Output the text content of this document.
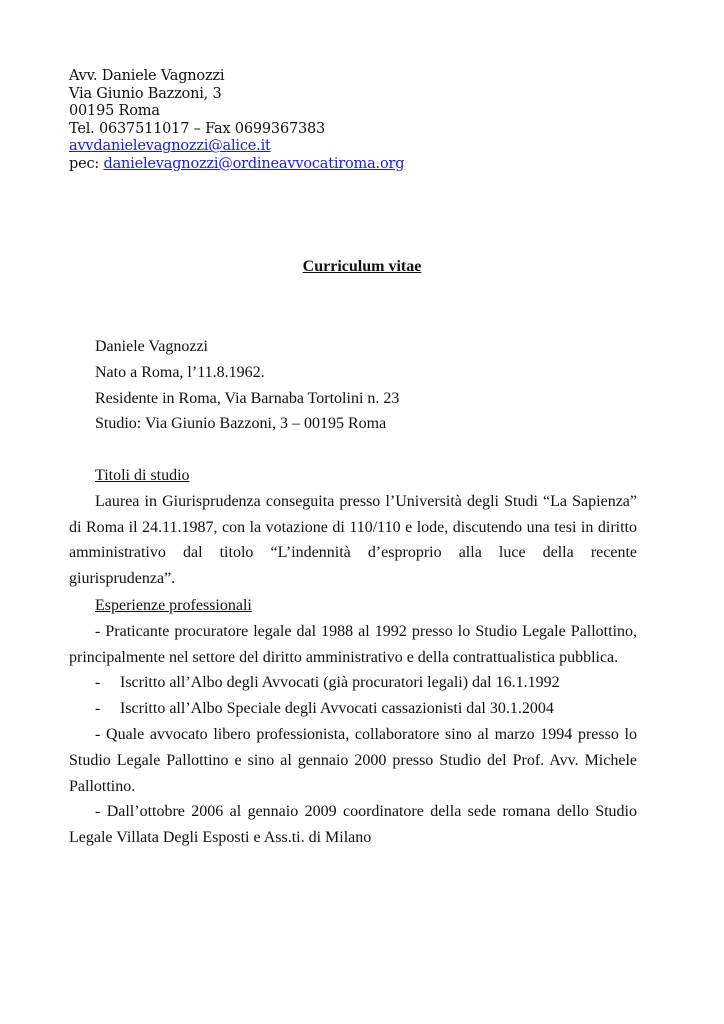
Avv. Daniele Vagnozzi
Via Giunio Bazzoni, 3
00195 Roma
Tel. 0637511017 – Fax 0699367383
avvdanielevagnozzi@alice.it
pec: danielevagnozzi@ordineavvocatiroma.org
Curriculum vitae
Daniele Vagnozzi
Nato a Roma, l’11.8.1962.
Residente in Roma, Via Barnaba Tortolini n. 23
Studio: Via Giunio Bazzoni, 3 – 00195 Roma
Titoli di studio

Laurea in Giurisprudenza conseguita presso l’Università degli Studi “La Sapienza” di Roma il 24.11.1987, con la votazione di 110/110 e lode, discutendo una tesi in diritto amministrativo dal titolo “L’indennità d’esproprio alla luce della recente giurisprudenza”.

Esperienze professionali

- Praticante procuratore legale dal 1988 al 1992 presso lo Studio Legale Pallottino, principalmente nel settore del diritto amministrativo e della contrattualistica pubblica.

- Iscritto all’Albo degli Avvocati (già procuratori legali) dal 16.1.1992
- Iscritto all’Albo Speciale degli Avvocati cassazionisti dal 30.1.2004

- Quale avvocato libero professionista, collaboratore sino al marzo 1994 presso lo Studio Legale Pallottino e sino al gennaio 2000 presso Studio del Prof. Avv. Michele Pallottino.

- Dall’ottobre 2006 al gennaio 2009 coordinatore della sede romana dello Studio Legale Villata Degli Esposti e Ass.ti. di Milano
